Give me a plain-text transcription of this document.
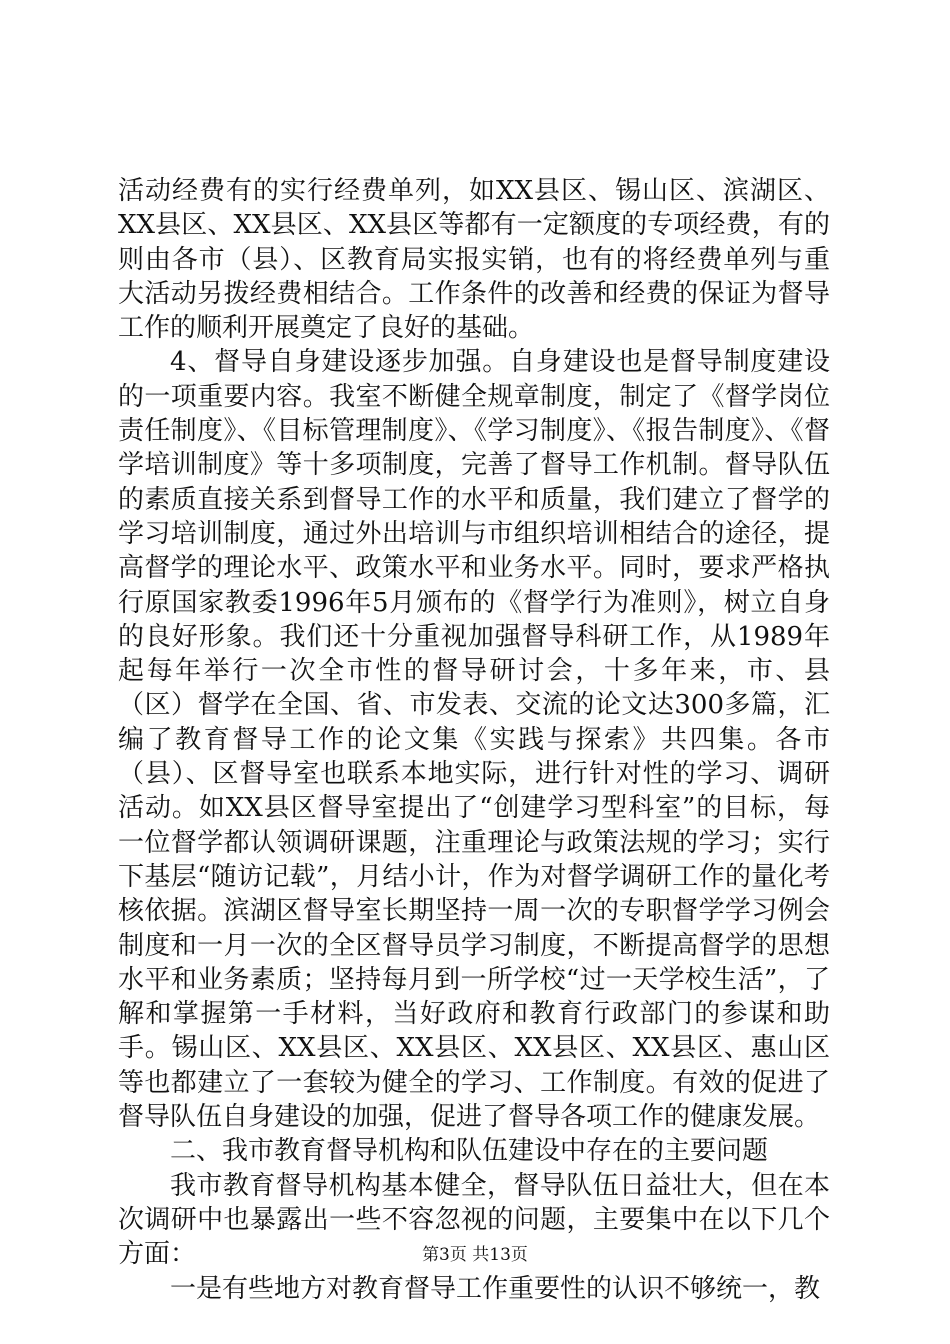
活动经费有的实行经费单列，如XX县区、锡山区、滨湖区、XX县区、XX县区、XX县区等都有一定额度的专项经费，有的则由各市（县）、区教育局实报实销，也有的将经费单列与重大活动另拨经费相结合。工作条件的改善和经费的保证为督导工作的顺利开展奠定了良好的基础。

4、督导自身建设逐步加强。自身建设也是督导制度建设的一项重要内容。我室不断健全规章制度，制定了《督学岗位责任制度》、《目标管理制度》、《学习制度》、《报告制度》、《督学培训制度》等十多项制度，完善了督导工作机制。督导队伍的素质直接关系到督导工作的水平和质量，我们建立了督学的学习培训制度，通过外出培训与市组织培训相结合的途径，提高督学的理论水平、政策水平和业务水平。同时，要求严格执行原国家教委1996年5月颁布的《督学行为准则》，树立自身的良好形象。我们还十分重视加强督导科研工作，从1989年起每年举行一次全市性的督导研讨会，十多年来，市、县（区）督学在全国、省、市发表、交流的论文达300多篇，汇编了教育督导工作的论文集《实践与探索》共四集。各市（县）、区督导室也联系本地实际，进行针对性的学习、调研活动。如XX县区督导室提出了“创建学习型科室”的目标，每一位督学都认领调研课题，注重理论与政策法规的学习；实行下基层“随访记载”，月结小计，作为对督学调研工作的量化考核依据。滨湖区督导室长期坚持一周一次的专职督学学习例会制度和一月一次的全区督导员学习制度，不断提高督学的思想水平和业务素质；坚持每月到一所学校“过一天学校生活”，了解和掌握第一手材料，当好政府和教育行政部门的参谋和助手。锡山区、XX县区、XX县区、XX县区、XX县区、惠山区等也都建立了一套较为健全的学习、工作制度。有效的促进了督导队伍自身建设的加强，促进了督导各项工作的健康发展。

二、我市教育督导机构和队伍建设中存在的主要问题

我市教育督导机构基本健全，督导队伍日益壮大，但在本次调研中也暴露出一些不容忽视的问题，主要集中在以下几个方面：

一是有些地方对教育督导工作重要性的认识不够统一，教

第3页 共13页
